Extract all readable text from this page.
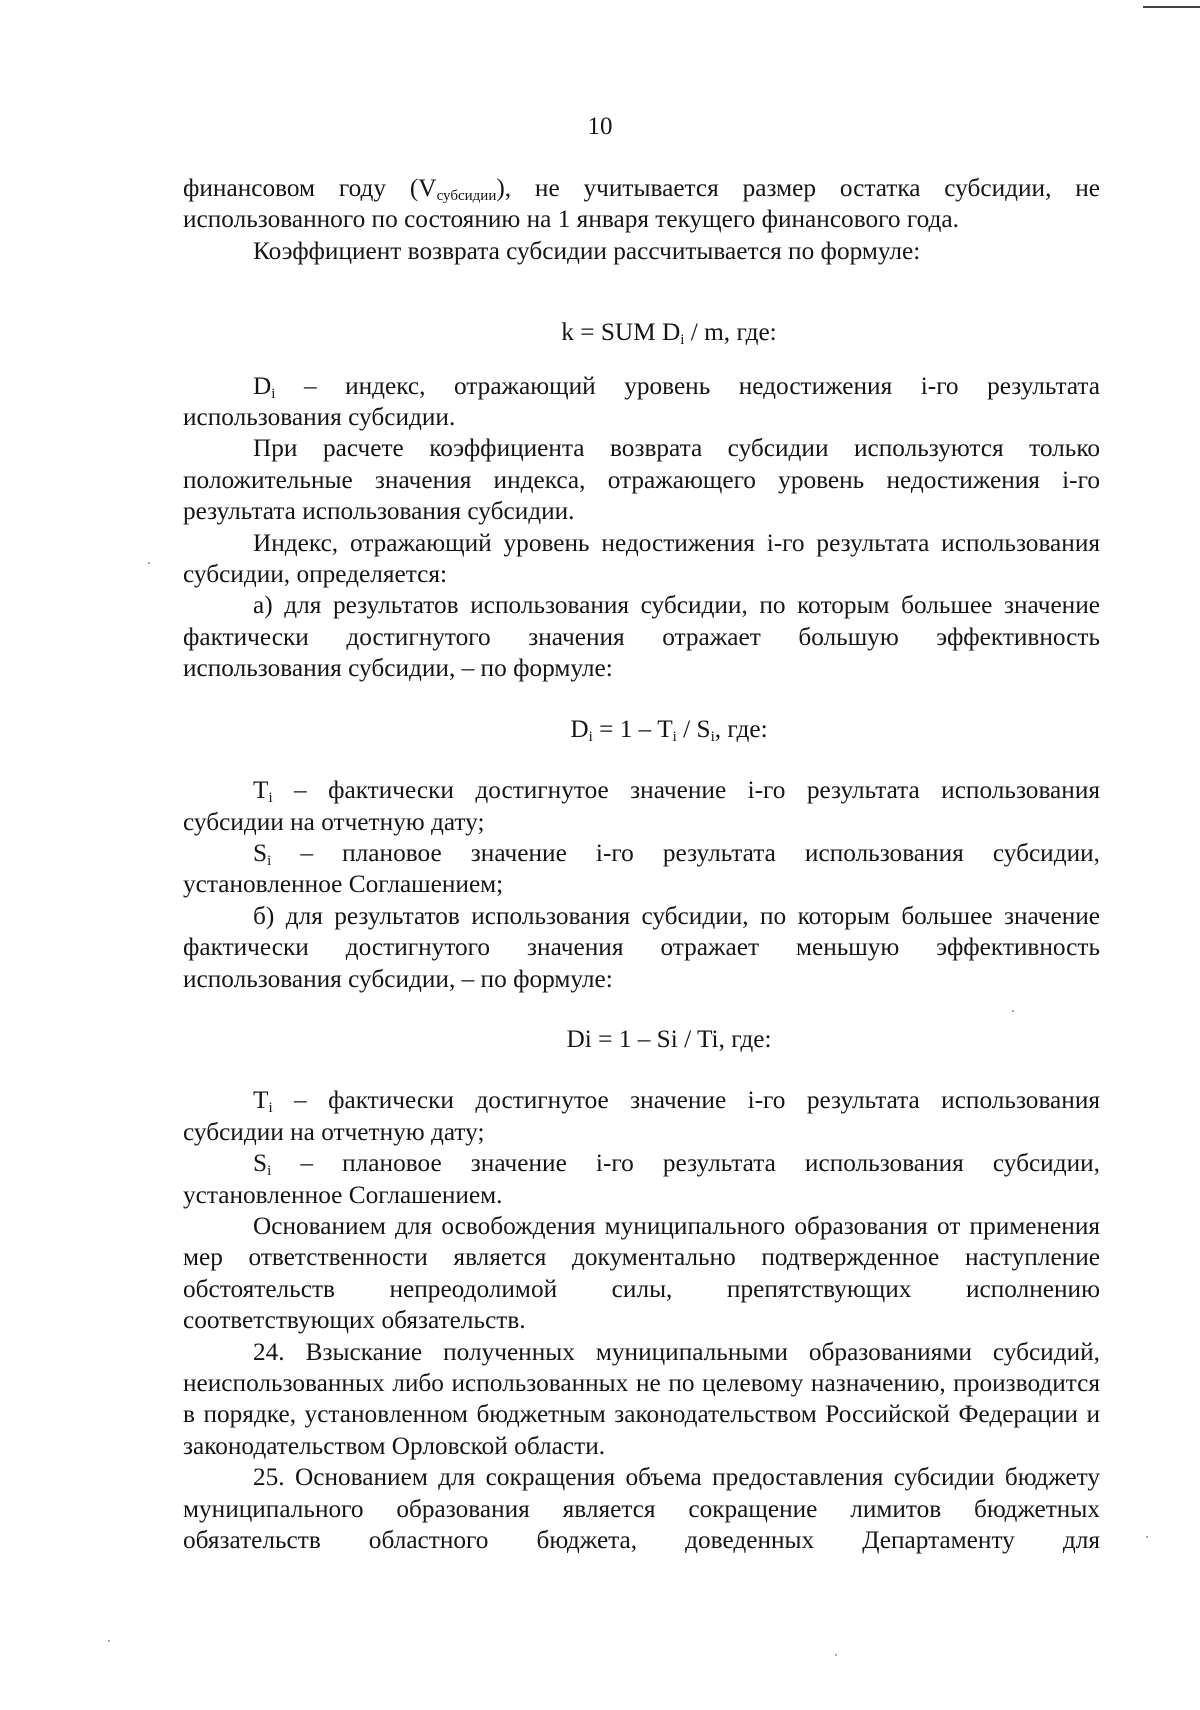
10

финансовом году $(V_{субсидии})$, не учитывается размер остатка субсидии, не использованного по состоянию на 1 января текущего финансового года.

Коэффициент возврата субсидии рассчитывается по формуле:

k = SUM $D_i$ / m, где:

$D_i$ – индекс, отражающий уровень недостижения i-го результата использования субсидии.

При расчете коэффициента возврата субсидии используются только положительные значения индекса, отражающего уровень недостижения i-го результата использования субсидии.

Индекс, отражающий уровень недостижения i-го результата использования субсидии, определяется:

а) для результатов использования субсидии, по которым большее значение фактически достигнутого значения отражает большую эффективность использования субсидии, – по формуле:

$D_i = 1 - T_i / S_i$, где:

$T_i$ – фактически достигнутое значение i-го результата использования субсидии на отчетную дату;

$S_i$ – плановое значение i-го результата использования субсидии, установленное Соглашением;

б) для результатов использования субсидии, по которым большее значение фактически достигнутого значения отражает меньшую эффективность использования субсидии, – по формуле:

Di = 1 – Si / Ti, где:

$T_i$ – фактически достигнутое значение i-го результата использования субсидии на отчетную дату;

$S_i$ – плановое значение i-го результата использования субсидии, установленное Соглашением.

Основанием для освобождения муниципального образования от применения мер ответственности является документально подтвержденное наступление обстоятельств непреодолимой силы, препятствующих исполнению соответствующих обязательств.

24. Взыскание полученных муниципальными образованиями субсидий, неиспользованных либо использованных не по целевому назначению, производится в порядке, установленном бюджетным законодательством Российской Федерации и законодательством Орловской области.

25. Основанием для сокращения объема предоставления субсидии бюджету муниципального образования является сокращение лимитов бюджетных обязательств областного бюджета, доведенных Департаменту для
